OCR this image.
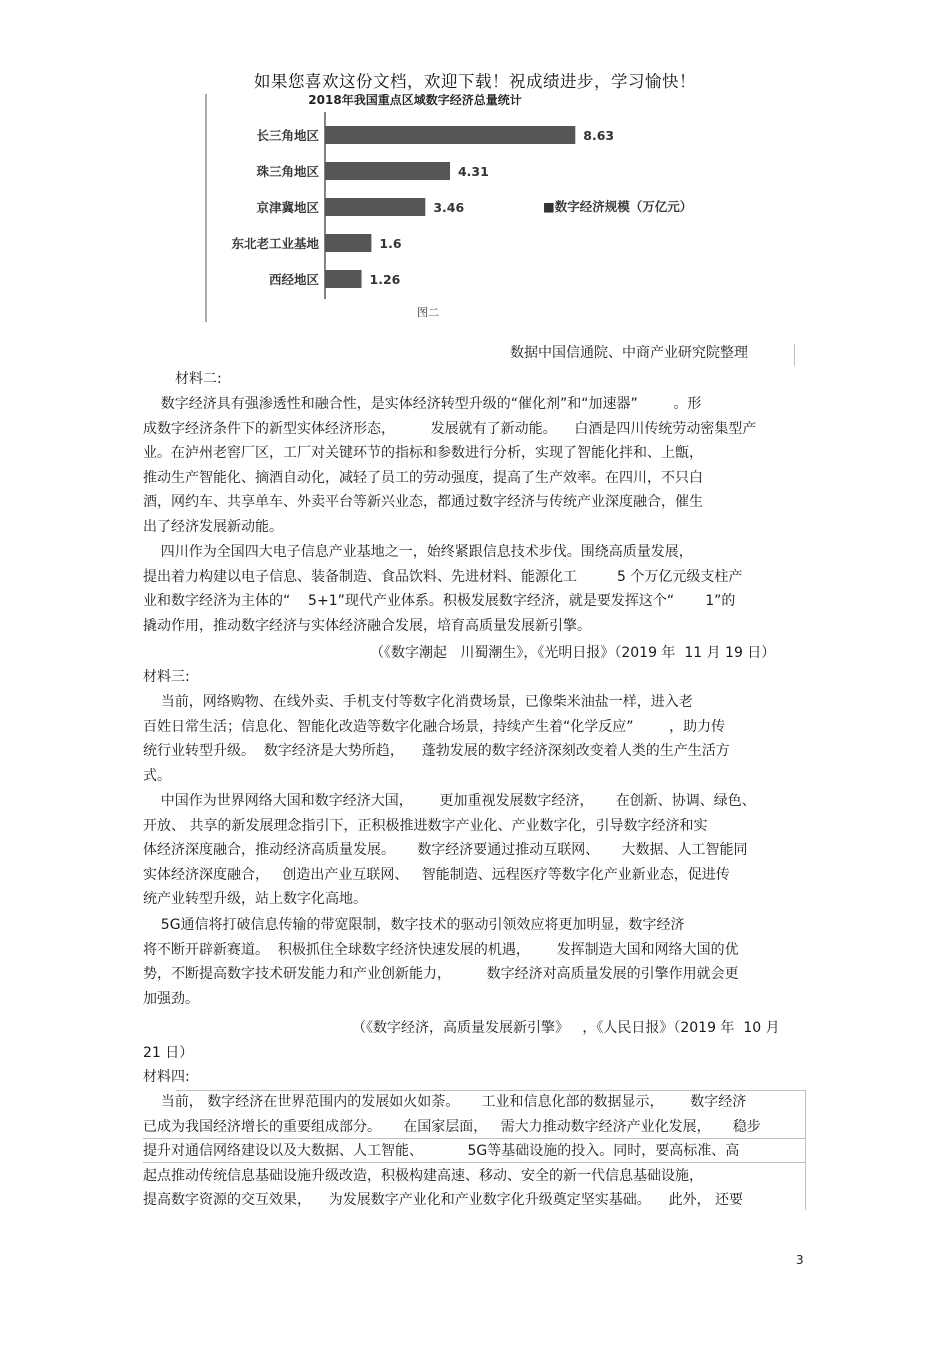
如果您喜欢这份文档，欢迎下载！祝成绩进步，学习愉快！
2018年我国重点区域数字经济总量统计
长三角地区	8.63
珠三角地区	4.31
京津冀地区	3.46
东北老工业基地	1.6
西经地区	1.26
■数字经济规模（万亿元）
图二
数据中国信通院、中商产业研究院整理
材料二:
数字经济具有强渗透性和融合性，是实体经济转型升级的“催化剂”和“加速器”        。形
成数字经济条件下的新型实体经济形态，        发展就有了新动能。    白酒是四川传统劳动密集型产
业。在泸州老窖厂区，工厂对关键环节的指标和参数进行分析，实现了智能化拌和、上甑，
推动生产智能化、摘酒自动化，减轻了员工的劳动强度，提高了生产效率。在四川，不只白
酒，网约车、共享单车、外卖平台等新兴业态，都通过数字经济与传统产业深度融合，催生
出了经济发展新动能。
四川作为全国四大电子信息产业基地之一，始终紧跟信息技术步伐。围绕高质量发展，
提出着力构建以电子信息、装备制造、食品饮料、先进材料、能源化工         5 个万亿元级支柱产
业和数字经济为主体的“    5+1”现代产业体系。积极发展数字经济，就是要发挥这个“       1”的
撬动作用，推动数字经济与实体经济融合发展，培育高质量发展新引擎。
（《数字潮起   川蜀潮生》，《光明日报》（2019 年  11 月 19 日）
材料三:
当前，网络购物、在线外卖、手机支付等数字化消费场景，已像柴米油盐一样，进入老
百姓日常生活；信息化、智能化改造等数字化融合场景，持续产生着“化学反应”        ，助力传
统行业转型升级。  数字经济是大势所趋，    蓬勃发展的数字经济深刻改变着人类的生产生活方
式。
中国作为世界网络大国和数字经济大国，      更加重视发展数字经济，     在创新、协调、绿色、
开放、 共享的新发展理念指引下，正积极推进数字产业化、产业数字化，引导数字经济和实
体经济深度融合，推动经济高质量发展。     数字经济要通过推动互联网、     大数据、人工智能同
实体经济深度融合，   创造出产业互联网、   智能制造、远程医疗等数字化产业新业态，促进传
统产业转型升级，站上数字化高地。
5G通信将打破信息传输的带宽限制，数字技术的驱动引领效应将更加明显，数字经济
将不断开辟新赛道。  积极抓住全球数字经济快速发展的机遇，      发挥制造大国和网络大国的优
势，不断提高数字技术研发能力和产业创新能力，        数字经济对高质量发展的引擎作用就会更
加强劲。
（《数字经济，高质量发展新引擎》   ，《人民日报》（2019 年  10 月
21 日）
材料四:
当前， 数字经济在世界范围内的发展如火如荼。     工业和信息化部的数据显示，      数字经济
已成为我国经济增长的重要组成部分。     在国家层面，   需大力推动数字经济产业化发展，     稳步
提升对通信网络建设以及大数据、人工智能、          5G等基础设施的投入。同时，要高标准、高
起点推动传统信息基础设施升级改造，积极构建高速、移动、安全的新一代信息基础设施，
提高数字资源的交互效果，    为发展数字产业化和产业数字化升级奠定坚实基础。    此外， 还要
3
